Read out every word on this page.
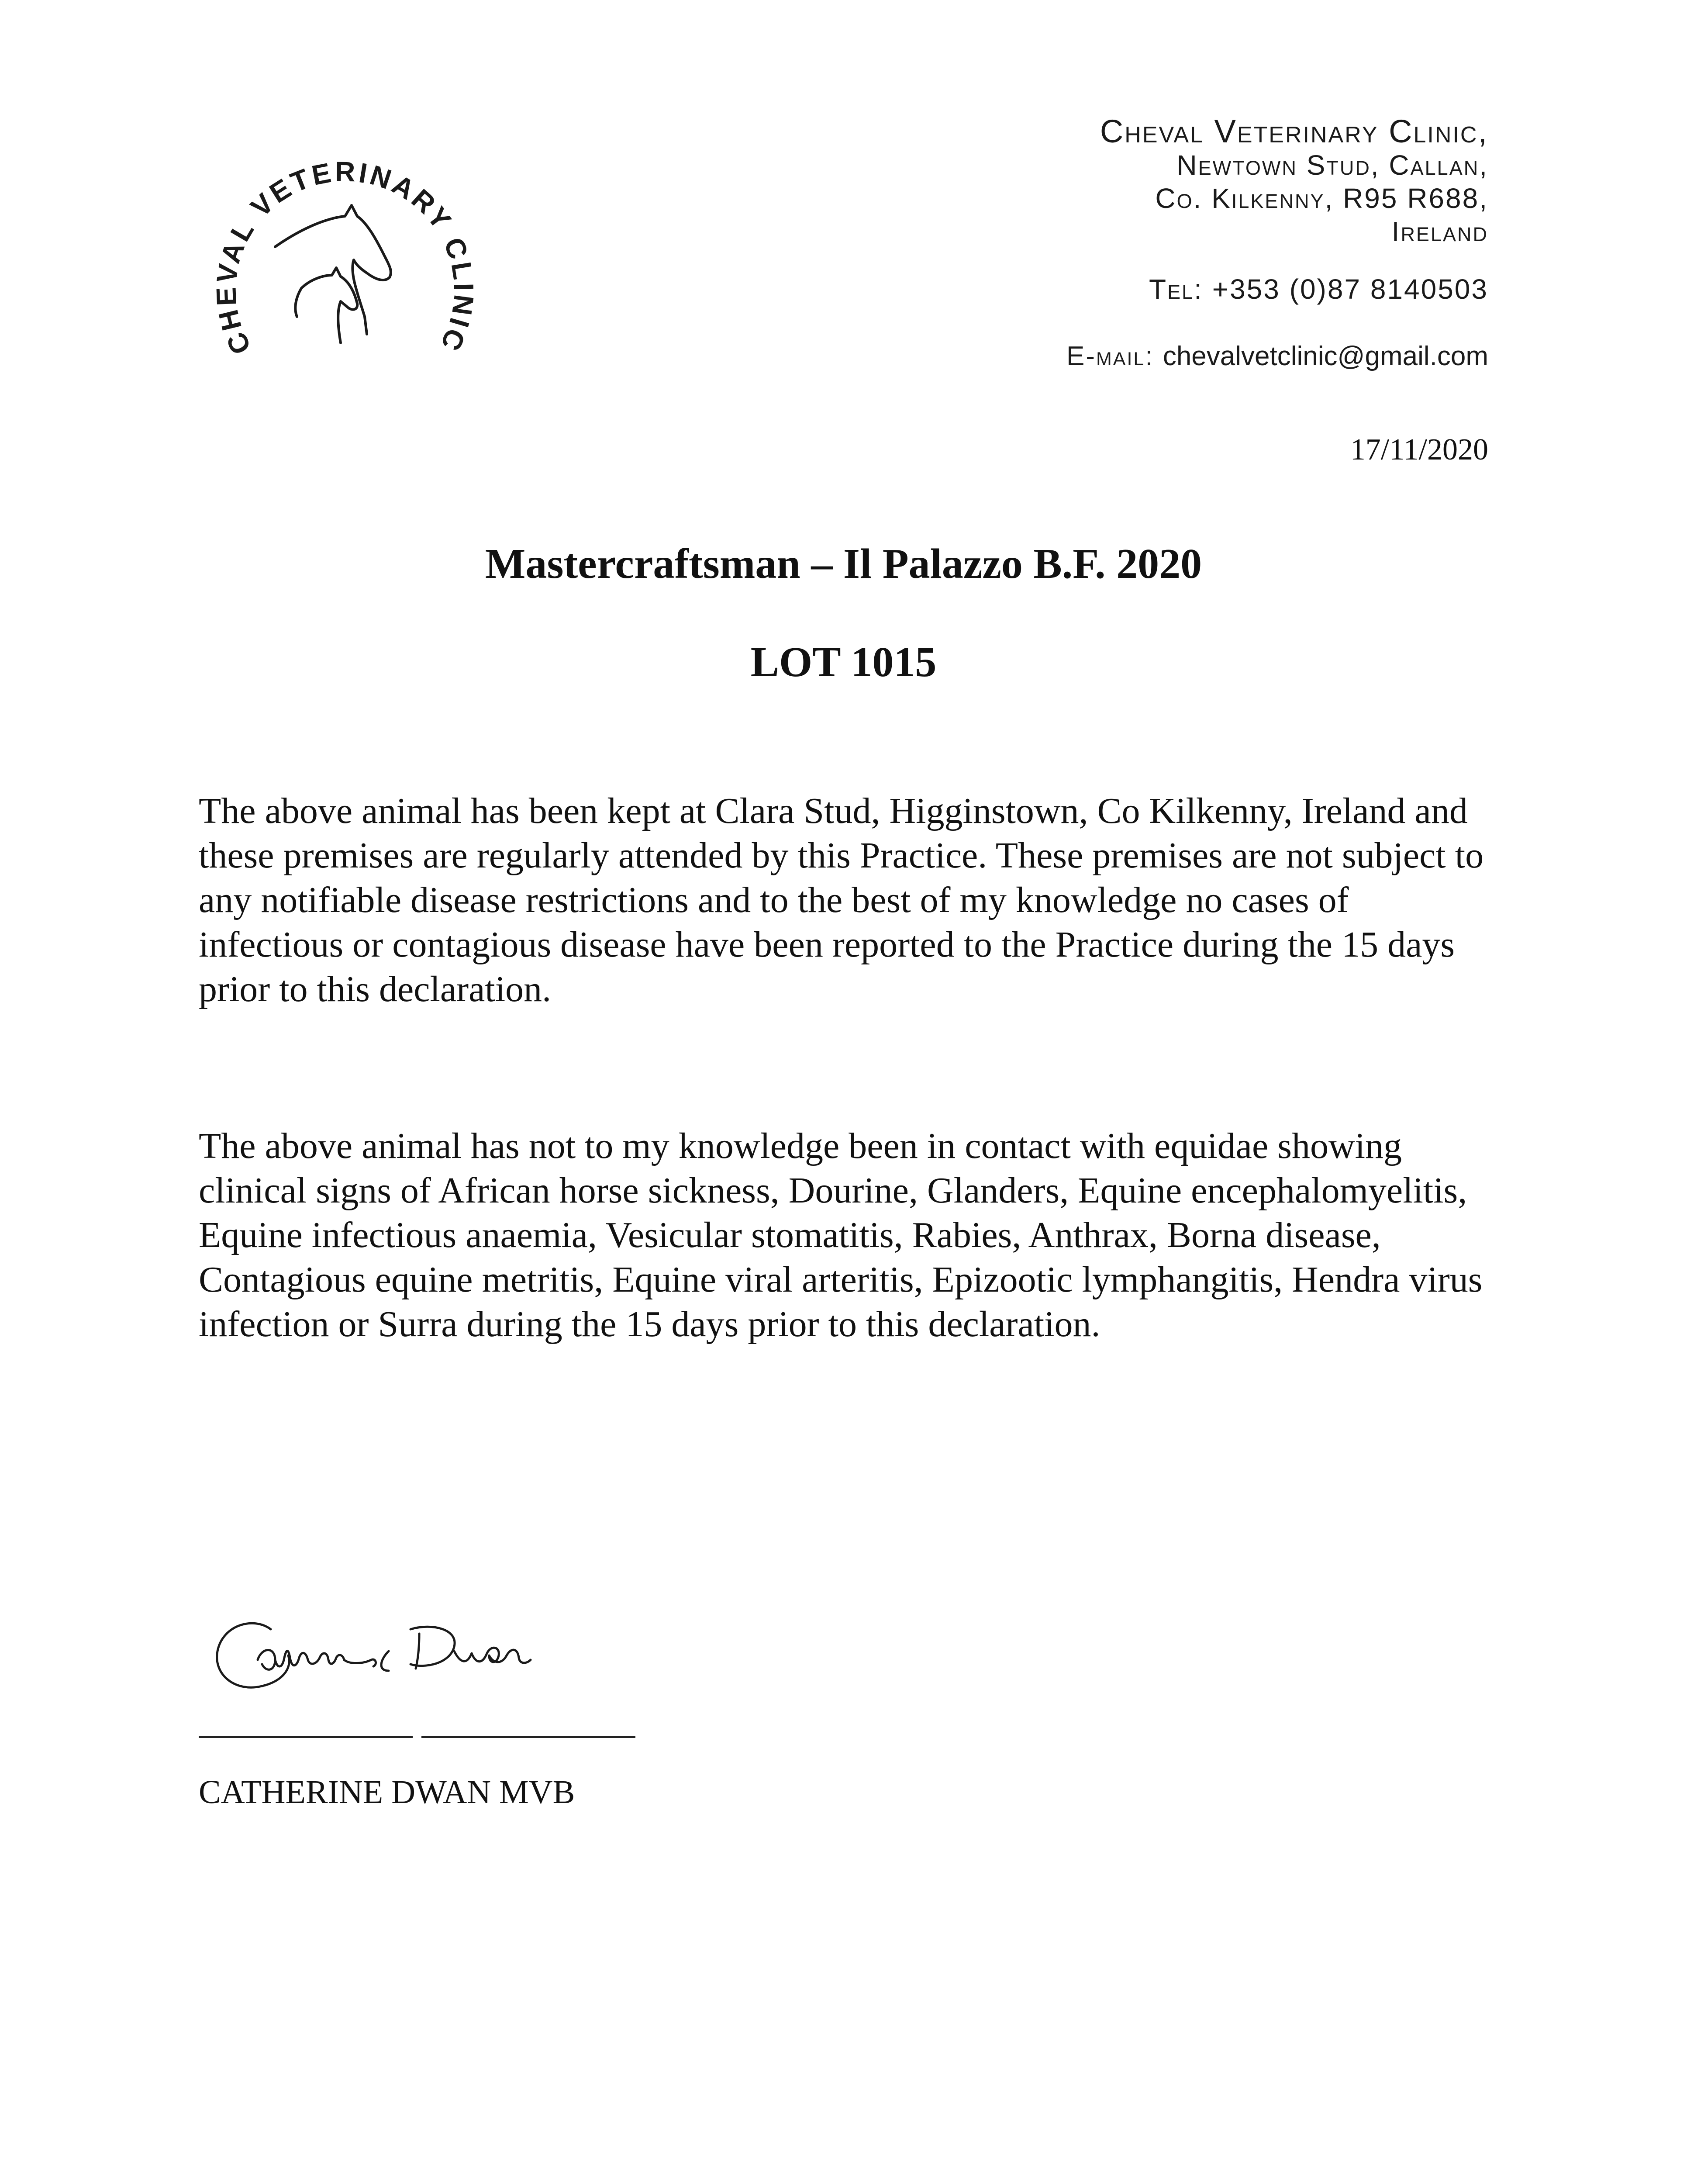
CHEVAL VETERINARY CLINIC
Cheval Veterinary Clinic,
Newtown Stud, Callan,
Co. Kilkenny, R95 R688,
Ireland
Tel: +353 (0)87 8140503
E-mail: chevalvetclinic@gmail.com
17/11/2020
Mastercraftsman – Il Palazzo B.F. 2020
LOT 1015

The above animal has been kept at Clara Stud, Higginstown, Co Kilkenny, Ireland and these premises are regularly attended by this Practice. These premises are not subject to any notifiable disease restrictions and to the best of my knowledge no cases of infectious or contagious disease have been reported to the Practice during the 15 days prior to this declaration.

The above animal has not to my knowledge been in contact with equidae showing clinical signs of African horse sickness, Dourine, Glanders, Equine encephalomyelitis, Equine infectious anaemia, Vesicular stomatitis, Rabies, Anthrax, Borna disease, Contagious equine metritis, Equine viral arteritis, Epizootic lymphangitis, Hendra virus infection or Surra during the 15 days prior to this declaration.

CATHERINE DWAN MVB
